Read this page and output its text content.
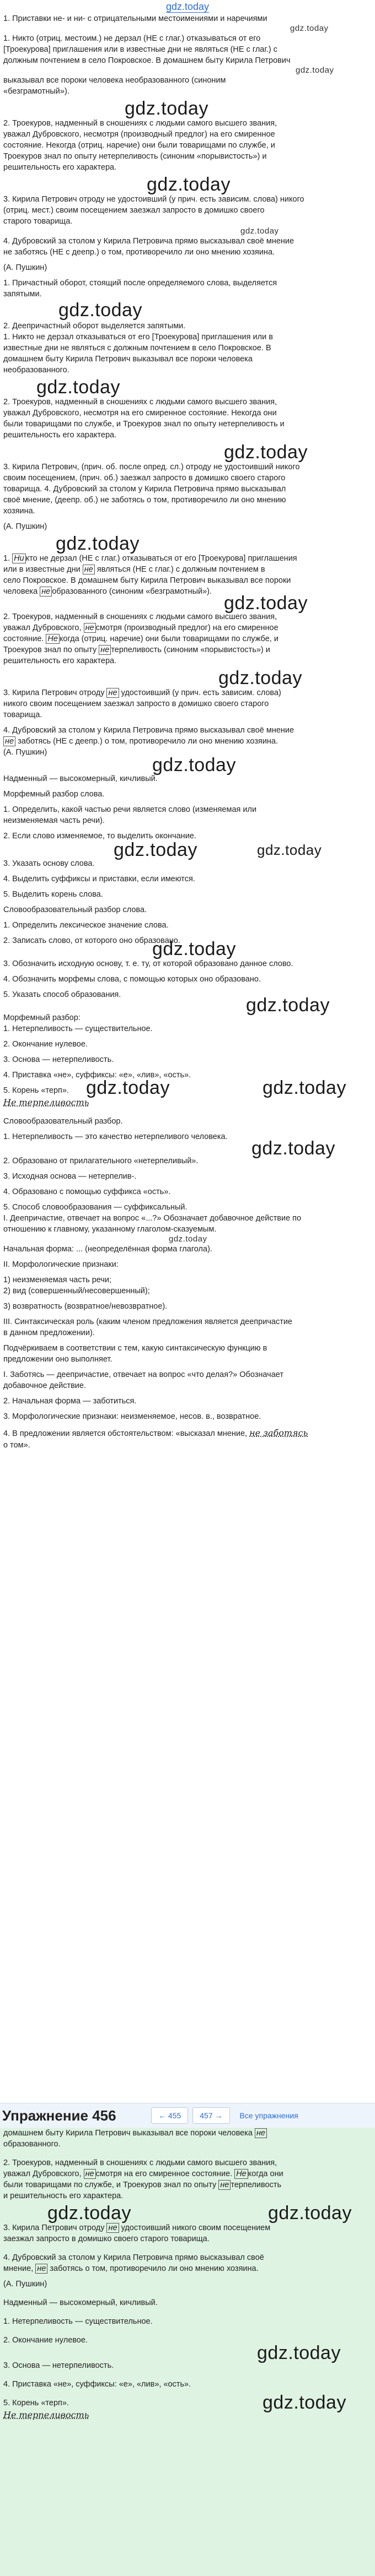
gdz.today

1. Приставки не- и ни- с отрицательными местоимениями и наречиями

gdz.today

1. Никто (отриц. местоим.) не дерзал (НЕ с глаг.) отказываться от его

[Троекурова] приглашения или в известные дни не являться (НЕ с глаг.) с

должным почтением в село Покровское. В домашнем быту Кирила Петрович

gdz.today

выказывал все пороки человека необразованного (синоним

«безграмотный»).

gdz.today

2. Троекуров, надменный в сношениях с людьми самого высшего звания,

уважал Дубровского, несмотря (производный предлог) на его смиренное

состояние. Некогда (отриц. наречие) они были товарищами по службе, и

Троекуров знал по опыту нетерпеливость (синоним «порывистость») и

решительность его характера.

gdz.today

3. Кирила Петрович отроду не удостоивший (у прич. есть зависим. слова) никого

(отриц. мест.) своим посещением заезжал запросто в домишко своего

старого товарища.

gdz.today

4. Дубровский за столом у Кирила Петровича прямо высказывал своё мнение

не заботясь (НЕ с деепр.) о том, противоречило ли оно мнению хозяина.

(А. Пушкин)

1. Причастный оборот, стоящий после определяемого слова, выделяется

запятыми.

gdz.today

2. Деепричастный оборот выделяется запятыми.

1. Никто не дерзал отказываться от его [Троекурова] приглашения или в

известные дни не являться с должным почтением в село Покровское. В

домашнем быту Кирила Петрович выказывал все пороки человека

необразованного.

gdz.today

2. Троекуров, надменный в сношениях с людьми самого высшего звания,

уважал Дубровского, несмотря на его смиренное состояние. Некогда они

были товарищами по службе, и Троекуров знал по опыту нетерпеливость и

решительность его характера.

gdz.today

3. Кирила Петрович, (прич. об. после опред. сл.) отроду не удостоивший никого

своим посещением, (прич. об.) заезжал запросто в домишко своего старого

товарища. 4. Дубровский за столом у Кирила Петровича прямо высказывал

своё мнение, (деепр. об.) не заботясь о том, противоречило ли оно мнению

хозяина.

(А. Пушкин)

gdz.today

1. Ни кто не дерзал (НЕ с глаг.) отказываться от его [Троекурова] приглашения

или в известные дни не являться (НЕ с глаг.) с должным почтением в

село Покровское. В домашнем быту Кирила Петрович выказывал все пороки

человека не образованного (синоним «безграмотный»).

gdz.today

2. Троекуров, надменный в сношениях с людьми самого высшего звания,

уважал Дубровского, не смотря (производный предлог) на его смиренное

состояние. Не когда (отриц. наречие) они были товарищами по службе, и

Троекуров знал по опыту не терпеливость (синоним «порывистость») и

решительность его характера.

gdz.today

3. Кирила Петрович отроду не удостоивший (у прич. есть зависим. слова)

никого своим посещением заезжал запросто в домишко своего старого

товарища.

4. Дубровский за столом у Кирила Петровича прямо высказывал своё мнение

не заботясь (НЕ с деепр.) о том, противоречило ли оно мнению хозяина.

(А. Пушкин)

gdz.today

Надменный — высокомерный, кичливый.

Морфемный разбор слова.

1. Определить, какой частью речи является слово (изменяемая или

неизменяемая часть речи).

2. Если слово изменяемое, то выделить окончание.

gdz.today	gdz.today

3. Указать основу слова.

4. Выделить суффиксы и приставки, если имеются.

5. Выделить корень слова.

Словообразовательный разбор слова.

1. Определить лексическое значение слова.

2. Записать слово, от которого оно образовано.

gdz.today

3. Обозначить исходную основу, т. е. ту, от которой образовано данное слово.

4. Обозначить морфемы слова, с помощью которых оно образовано.

5. Указать способ образования.	gdz.today

Морфемный разбор:

1. Нетерпеливость — существительное.

2. Окончание нулевое.

3. Основа — нетерпеливость.

4. Приставка «не», суффиксы: «е», «лив», «ость».

5. Корень «терп». gdz.today	gdz.today
Не терпеливость

Словообразовательный разбор.

1. Нетерпеливость — это качество нетерпеливого человека.

gdz.today

2. Образовано от прилагательного «нетерпеливый».

3. Исходная основа — нетерпелив-.

4. Образовано с помощью суффикса «ость».

5. Способ словообразования — суффиксальный.

I. Деепричастие, отвечает на вопрос «...?» Обозначает добавочное действие по

отношению к главному, указанному глаголом-сказуемым.

gdz.today

Начальная форма: ... (неопределённая форма глагола).

II. Морфологические признаки:

1) неизменяемая часть речи;

2) вид (совершенный/несовершенный);

3) возвратность (возвратное/невозвратное).

III. Синтаксическая роль (каким членом предложения является деепричастие

в данном предложении).

Подчёркиваем в соответствии с тем, какую синтаксическую функцию в

предложении оно выполняет.

I. Заботясь — деепричастие, отвечает на вопрос «что делая?» Обозначает

добавочное действие.

2. Начальная форма — заботиться.

3. Морфологические признаки: неизменяемое, несов. в., возвратное.

4. В предложении является обстоятельством: «высказал мнение, не заботясь

о том».

Упражнение 456	← 455	457 →	Все упражнения

домашнем быту Кирила Петрович выказывал все пороки человека не

образованного.

2. Троекуров, надменный в сношениях с людьми самого высшего звания,

уважал Дубровского, не смотря на его смиренное состояние. Не когда они

были товарищами по службе, и Троекуров знал по опыту не терпеливость

и решительность его характера.

gdz.today	gdz.today

3. Кирила Петрович отроду не удостоивший никого своим посещением

заезжал запросто в домишко своего старого товарища.

4. Дубровский за столом у Кирила Петровича прямо высказывал своё

мнение, не заботясь о том, противоречило ли оно мнению хозяина.

(А. Пушкин)

Надменный — высокомерный, кичливый.

1. Нетерпеливость — существительное.

2. Окончание нулевое.

gdz.today

3. Основа — нетерпеливость.

4. Приставка «не», суффиксы: «е», «лив», «ость».

5. Корень «терп».	gdz.today
Не терпеливость
